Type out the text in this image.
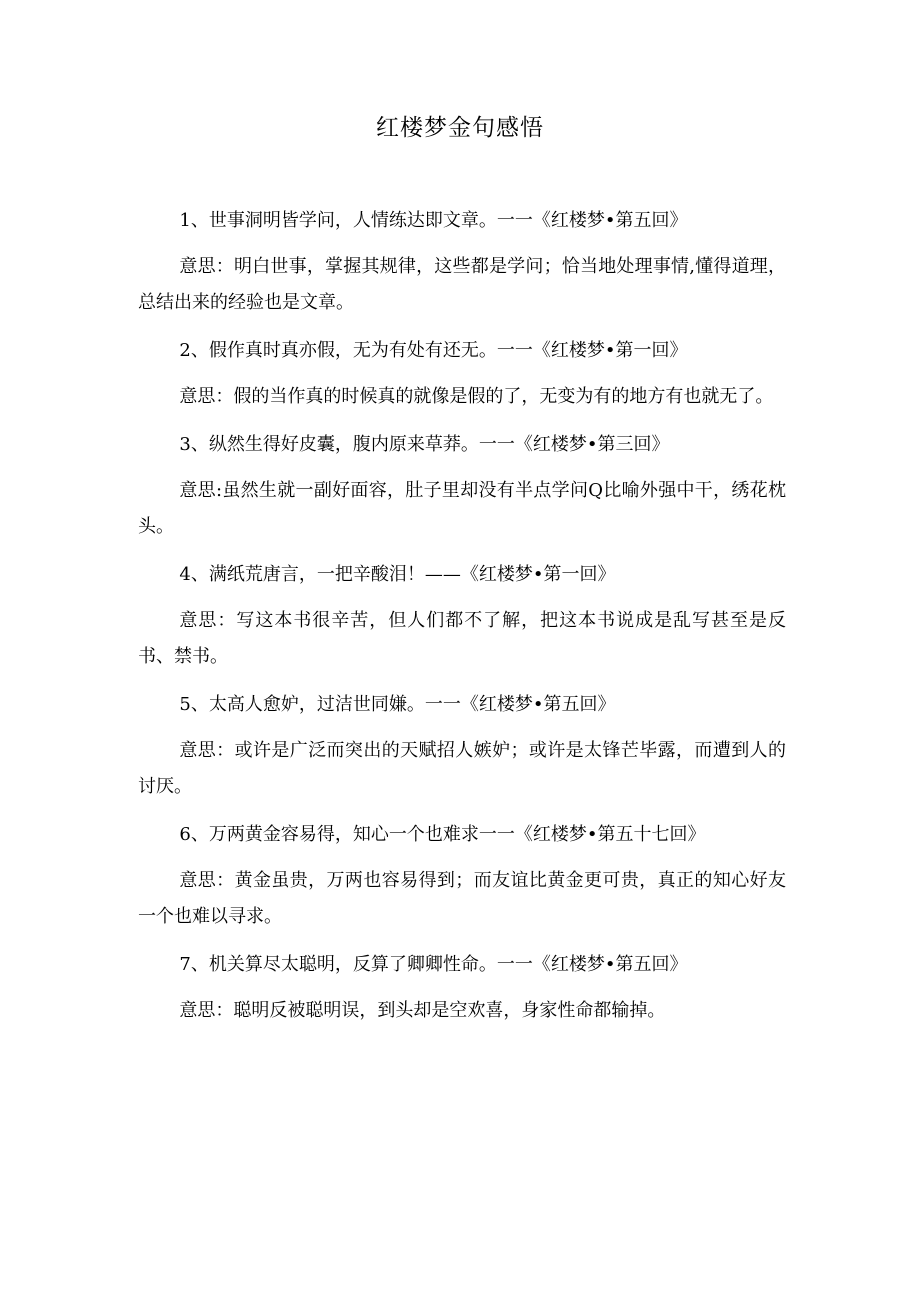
红楼梦金句感悟

1、世事洞明皆学问，人情练达即文章。一一《红楼梦•第五回》

意思：明白世事，掌握其规律，这些都是学问；恰当地处理事情,懂得道理，总结出来的经验也是文章。

2、假作真时真亦假，无为有处有还无。一一《红楼梦•第一回》

意思：假的当作真的时候真的就像是假的了，无变为有的地方有也就无了。

3、纵然生得好皮囊，腹内原来草莽。一一《红楼梦•第三回》

意思:虽然生就一副好面容，肚子里却没有半点学问Q比喻外强中干，绣花枕头。

4、满纸荒唐言，一把辛酸泪！——《红楼梦•第一回》

意思：写这本书很辛苦，但人们都不了解，把这本书说成是乱写甚至是反书、禁书。

5、太高人愈妒，过洁世同嫌。一一《红楼梦•第五回》

意思：或许是广泛而突出的天赋招人嫉妒；或许是太锋芒毕露，而遭到人的讨厌。

6、万两黄金容易得，知心一个也难求一一《红楼梦•第五十七回》

意思：黄金虽贵，万两也容易得到；而友谊比黄金更可贵，真正的知心好友一个也难以寻求。

7、机关算尽太聪明，反算了卿卿性命。一一《红楼梦•第五回》

意思：聪明反被聪明误，到头却是空欢喜，身家性命都输掉。
